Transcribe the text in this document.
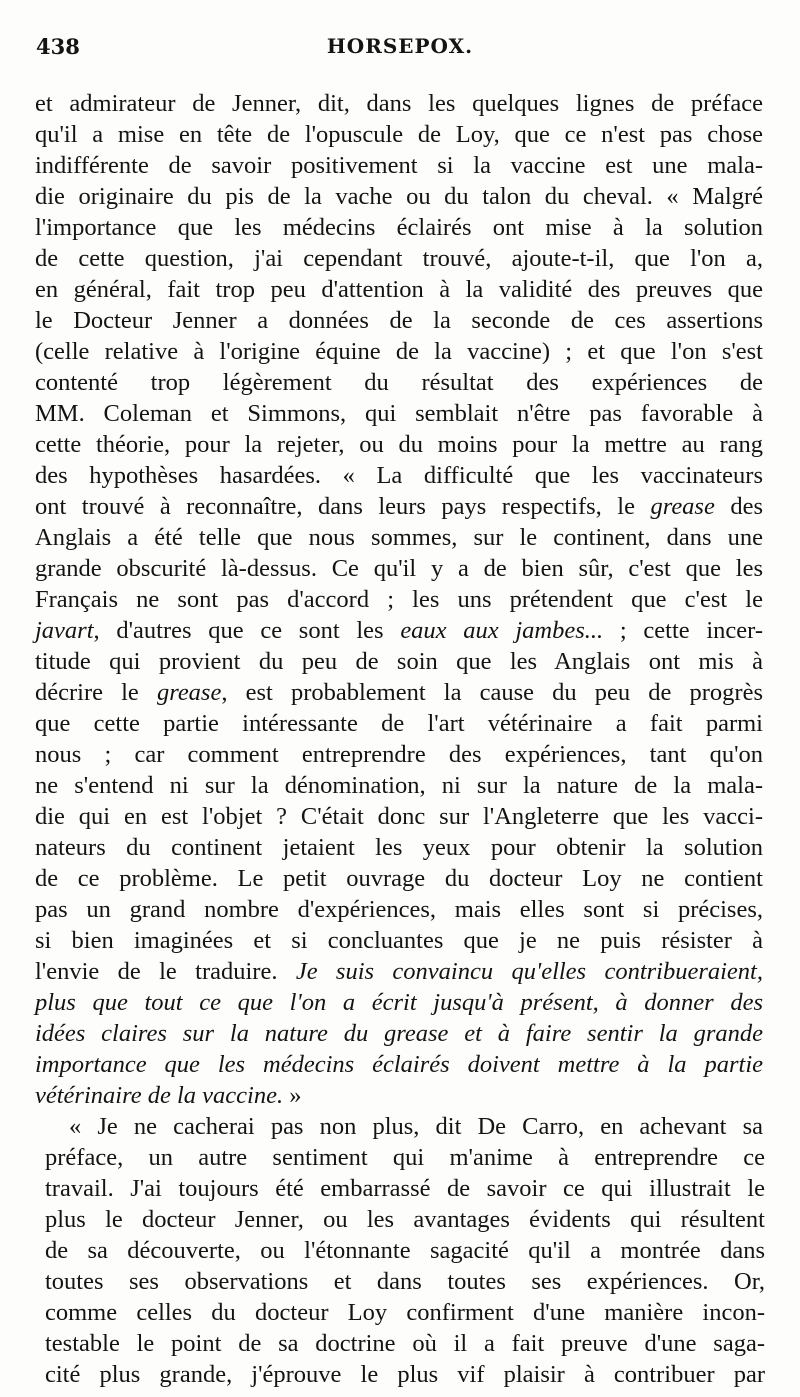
438	HORSEPOX.
et admirateur de Jenner, dit, dans les quelques lignes de préface
qu'il a mise en tête de l'opuscule de Loy, que ce n'est pas chose
indifférente de savoir positivement si la vaccine est une mala-
die originaire du pis de la vache ou du talon du cheval. « Malgré
l'importance que les médecins éclairés ont mise à la solution
de cette question, j'ai cependant trouvé, ajoute-t-il, que l'on a,
en général, fait trop peu d'attention à la validité des preuves que
le Docteur Jenner a données de la seconde de ces assertions
(celle relative à l'origine équine de la vaccine) ; et que l'on s'est
contenté trop légèrement du résultat des expériences de
MM. Coleman et Simmons, qui semblait n'être pas favorable à
cette théorie, pour la rejeter, ou du moins pour la mettre au rang
des hypothèses hasardées. « La difficulté que les vaccinateurs
ont trouvé à reconnaître, dans leurs pays respectifs, le grease des
Anglais a été telle que nous sommes, sur le continent, dans une
grande obscurité là-dessus. Ce qu'il y a de bien sûr, c'est que les
Français ne sont pas d'accord ; les uns prétendent que c'est le
javart, d'autres que ce sont les eaux aux jambes... ; cette incer-
titude qui provient du peu de soin que les Anglais ont mis à
décrire le grease, est probablement la cause du peu de progrès
que cette partie intéressante de l'art vétérinaire a fait parmi
nous ; car comment entreprendre des expériences, tant qu'on
ne s'entend ni sur la dénomination, ni sur la nature de la mala-
die qui en est l'objet ? C'était donc sur l'Angleterre que les vacci-
nateurs du continent jetaient les yeux pour obtenir la solution
de ce problème. Le petit ouvrage du docteur Loy ne contient
pas un grand nombre d'expériences, mais elles sont si précises,
si bien imaginées et si concluantes que je ne puis résister à
l'envie de le traduire. Je suis convaincu qu'elles contribueraient,
plus que tout ce que l'on a écrit jusqu'à présent, à donner des
idées claires sur la nature du grease et à faire sentir la grande
importance que les médecins éclairés doivent mettre à la partie
vétérinaire de la vaccine. »
« Je ne cacherai pas non plus, dit De Carro, en achevant sa
préface, un autre sentiment qui m'anime à entreprendre ce
travail. J'ai toujours été embarrassé de savoir ce qui illustrait le
plus le docteur Jenner, ou les avantages évidents qui résultent
de sa découverte, ou l'étonnante sagacité qu'il a montrée dans
toutes ses observations et dans toutes ses expériences. Or,
comme celles du docteur Loy confirment d'une manière incon-
testable le point de sa doctrine où il a fait preuve d'une saga-
cité plus grande, j'éprouve le plus vif plaisir à contribuer par
